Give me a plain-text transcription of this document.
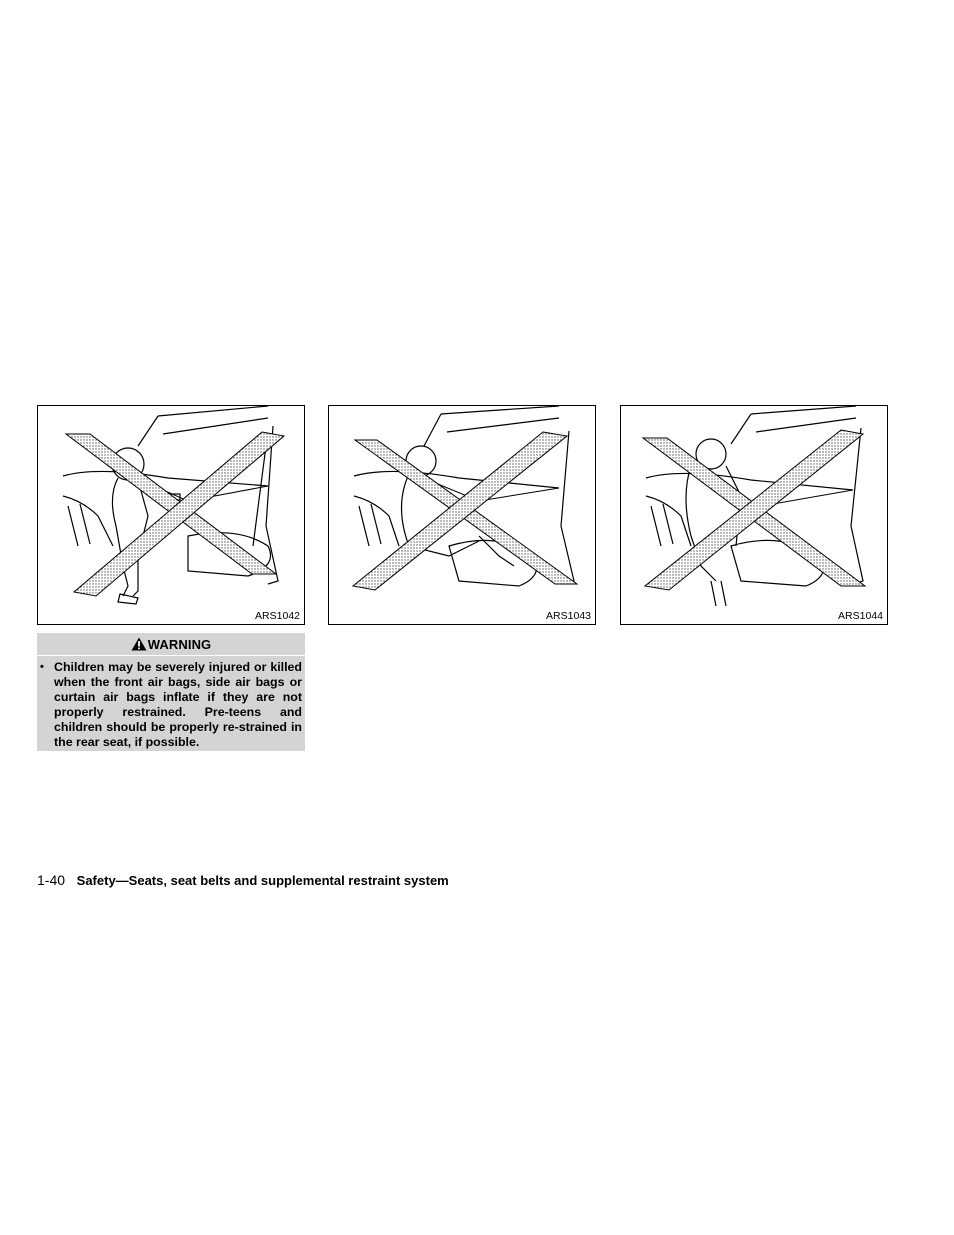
ARS1042	ARS1043	ARS1044
WARNING
• Children may be severely injured or killed when the front air bags, side air bags or curtain air bags inflate if they are not properly restrained. Pre-teens and children should be properly re-strained in the rear seat, if possible.
1-40 Safety—Seats, seat belts and supplemental restraint system
